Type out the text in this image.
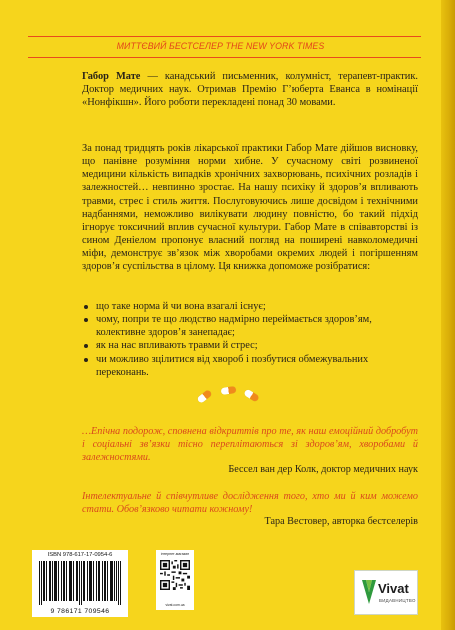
МИТТЄВИЙ БЕСТСЕЛЕР THE NEW YORK TIMES
Габор Мате — канадський письменник, колумніст, терапевт-практик. Доктор медичних наук. Отримав Премію Гʼюберта Еванса в номінації «Нонфікшн». Його роботи перекладені понад 30 мовами.
За понад тридцять років лікарської практики Габор Мате дійшов висновку, що панівне розуміння норми хибне. У сучасному світі розвиненої медицини кількість випадків хронічних захворювань, психічних розладів і залежностей… невпинно зростає. На нашу психіку й здоровʼя впливають травми, стрес і стиль життя. Послуговуючись лише досвідом і технічними надбаннями, неможливо вилікувати людину повністю, бо такий підхід ігнорує токсичний вплив сучасної культури. Габор Мате в співавторстві із сином Деніелом пропонує власний погляд на поширені навколомедичні міфи, демонструє звʼязок між хворобами окремих людей і погіршенням здоровʼя суспільства в цілому. Ця книжка допоможе розібратися:
що таке норма й чи вона взагалі існує;
чому, попри те що людство надмірно переймається здоровʼям, колективне здоровʼя занепадає;
як на нас впливають травми й стрес;
чи можливо зцілитися від хвороб і позбутися обмежувальних переконань.
…Епічна подорож, сповнена відкриттів про те, як наш емоційний добробут і соціальні звʼязки тісно переплітаються зі здоровʼям, хворобами й залежностями.
Бессел ван дер Колк, доктор медичних наук
Інтелектуальне й співчутливе дослідження того, хто ми й ким можемо стати. Обовʼязково читати кожному!
Тара Вестовер, авторка бестселерів
ISBN 978-617-17-0954-6
9 786171 709546
інтернет-магазин
vivat.com.ua
Vivat
ВИДАВНИЦТВО
